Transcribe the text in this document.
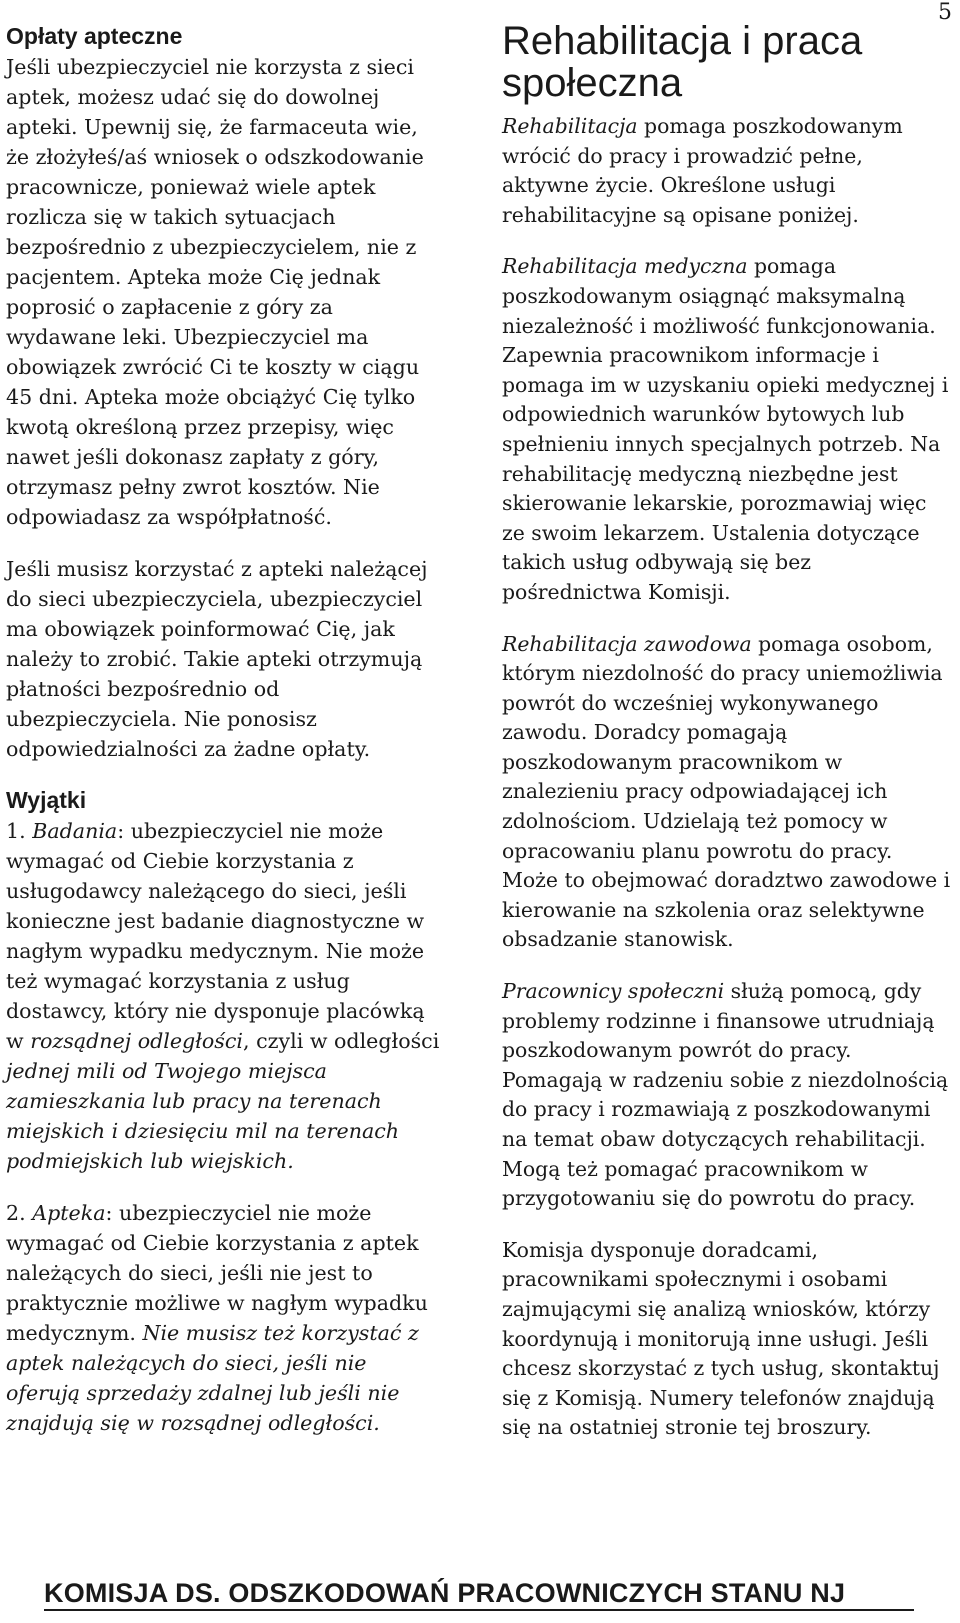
5
Opłaty apteczne

Jeśli ubezpieczyciel nie korzysta z sieci aptek, możesz udać się do dowolnej apteki. Upewnij się, że farmaceuta wie, że złożyłeś/aś wniosek o odszkodowanie pracownicze, ponieważ wiele aptek rozlicza się w takich sytuacjach bezpośrednio z ubezpieczycielem, nie z pacjentem. Apteka może Cię jednak poprosić o zapłacenie z góry za wydawane leki. Ubezpieczyciel ma obowiązek zwrócić Ci te koszty w ciągu 45 dni. Apteka może obciążyć Cię tylko kwotą określoną przez przepisy, więc nawet jeśli dokonasz zapłaty z góry, otrzymasz pełny zwrot kosztów. Nie odpowiadasz za współpłatność.

Jeśli musisz korzystać z apteki należącej do sieci ubezpieczyciela, ubezpieczyciel ma obowiązek poinformować Cię, jak należy to zrobić. Takie apteki otrzymują płatności bezpośrednio od ubezpieczyciela. Nie ponosisz odpowiedzialności za żadne opłaty.

Wyjątki

1. Badania: ubezpieczyciel nie może wymagać od Ciebie korzystania z usługodawcy należącego do sieci, jeśli konieczne jest badanie diagnostyczne w nagłym wypadku medycznym. Nie może też wymagać korzystania z usług dostawcy, który nie dysponuje placówką w rozsądnej odległości, czyli w odległości jednej mili od Twojego miejsca zamieszkania lub pracy na terenach miejskich i dziesięciu mil na terenach podmiejskich lub wiejskich.

2. Apteka: ubezpieczyciel nie może wymagać od Ciebie korzystania z aptek należących do sieci, jeśli nie jest to praktycznie możliwe w nagłym wypadku medycznym. Nie musisz też korzystać z aptek należących do sieci, jeśli nie oferują sprzedaży zdalnej lub jeśli nie znajdują się w rozsądnej odległości.

Rehabilitacja i praca społeczna

Rehabilitacja pomaga poszkodowanym wrócić do pracy i prowadzić pełne, aktywne życie. Określone usługi rehabilitacyjne są opisane poniżej.

Rehabilitacja medyczna pomaga poszkodowanym osiągnąć maksymalną niezależność i możliwość funkcjonowania. Zapewnia pracownikom informacje i pomaga im w uzyskaniu opieki medycznej i odpowiednich warunków bytowych lub spełnieniu innych specjalnych potrzeb. Na rehabilitację medyczną niezbędne jest skierowanie lekarskie, porozmawiaj więc ze swoim lekarzem. Ustalenia dotyczące takich usług odbywają się bez pośrednictwa Komisji.

Rehabilitacja zawodowa pomaga osobom, którym niezdolność do pracy uniemożliwia powrót do wcześniej wykonywanego zawodu. Doradcy pomagają poszkodowanym pracownikom w znalezieniu pracy odpowiadającej ich zdolnościom. Udzielają też pomocy w opracowaniu planu powrotu do pracy. Może to obejmować doradztwo zawodowe i kierowanie na szkolenia oraz selektywne obsadzanie stanowisk.

Pracownicy społeczni służą pomocą, gdy problemy rodzinne i finansowe utrudniają poszkodowanym powrót do pracy. Pomagają w radzeniu sobie z niezdolnością do pracy i rozmawiają z poszkodowanymi na temat obaw dotyczących rehabilitacji. Mogą też pomagać pracownikom w przygotowaniu się do powrotu do pracy.

Komisja dysponuje doradcami, pracownikami społecznymi i osobami zajmującymi się analizą wniosków, którzy koordynują i monitorują inne usługi. Jeśli chcesz skorzystać z tych usług, skontaktuj się z Komisją. Numery telefonów znajdują się na ostatniej stronie tej broszury.

KOMISJA DS. ODSZKODOWAŃ PRACOWNICZYCH STANU NJ
